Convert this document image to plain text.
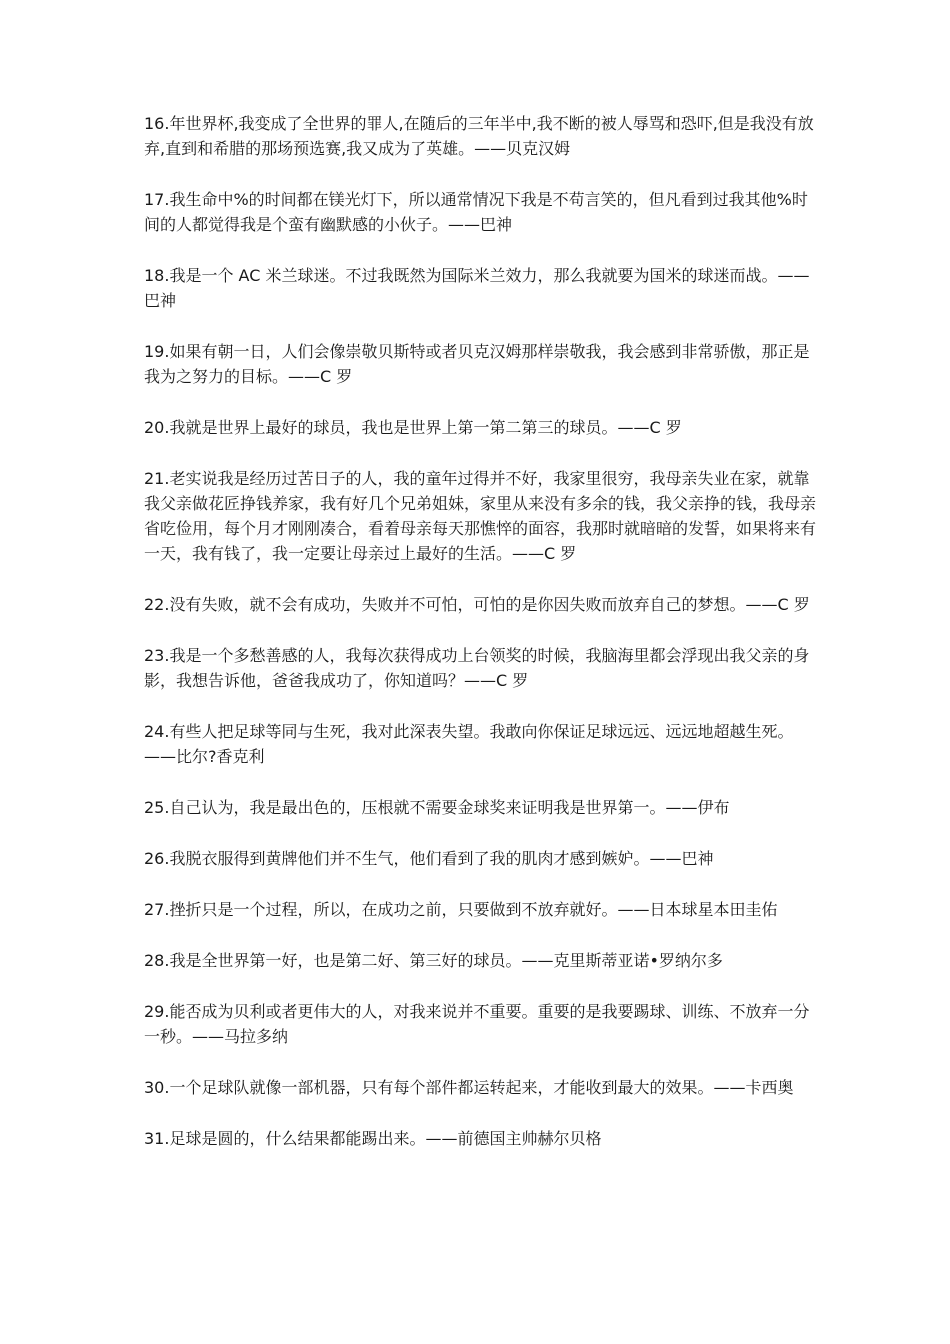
16.年世界杯,我变成了全世界的罪人,在随后的三年半中,我不断的被人辱骂和恐吓,但是我没有放弃,直到和希腊的那场预选赛,我又成为了英雄。——贝克汉姆

17.我生命中%的时间都在镁光灯下，所以通常情况下我是不苟言笑的，但凡看到过我其他%时间的人都觉得我是个蛮有幽默感的小伙子。——巴神

18.我是一个 AC 米兰球迷。不过我既然为国际米兰效力，那么我就要为国米的球迷而战。——巴神

19.如果有朝一日，人们会像崇敬贝斯特或者贝克汉姆那样崇敬我，我会感到非常骄傲，那正是我为之努力的目标。——C 罗

20.我就是世界上最好的球员，我也是世界上第一第二第三的球员。——C 罗

21.老实说我是经历过苦日子的人，我的童年过得并不好，我家里很穷，我母亲失业在家，就靠我父亲做花匠挣钱养家，我有好几个兄弟姐妹，家里从来没有多余的钱，我父亲挣的钱，我母亲省吃俭用，每个月才刚刚凑合，看着母亲每天那憔悴的面容，我那时就暗暗的发誓，如果将来有一天，我有钱了，我一定要让母亲过上最好的生活。——C 罗

22.没有失败，就不会有成功，失败并不可怕，可怕的是你因失败而放弃自己的梦想。——C 罗

23.我是一个多愁善感的人，我每次获得成功上台领奖的时候，我脑海里都会浮现出我父亲的身影，我想告诉他，爸爸我成功了，你知道吗？——C 罗

24.有些人把足球等同与生死，我对此深表失望。我敢向你保证足球远远、远远地超越生死。——比尔?香克利

25.自己认为，我是最出色的，压根就不需要金球奖来证明我是世界第一。——伊布

26.我脱衣服得到黄牌他们并不生气，他们看到了我的肌肉才感到嫉妒。——巴神

27.挫折只是一个过程，所以，在成功之前，只要做到不放弃就好。——日本球星本田圭佑

28.我是全世界第一好，也是第二好、第三好的球员。——克里斯蒂亚诺•罗纳尔多

29.能否成为贝利或者更伟大的人，对我来说并不重要。重要的是我要踢球、训练、不放弃一分一秒。——马拉多纳

30.一个足球队就像一部机器，只有每个部件都运转起来，才能收到最大的效果。——卡西奥

31.足球是圆的，什么结果都能踢出来。——前德国主帅赫尔贝格
